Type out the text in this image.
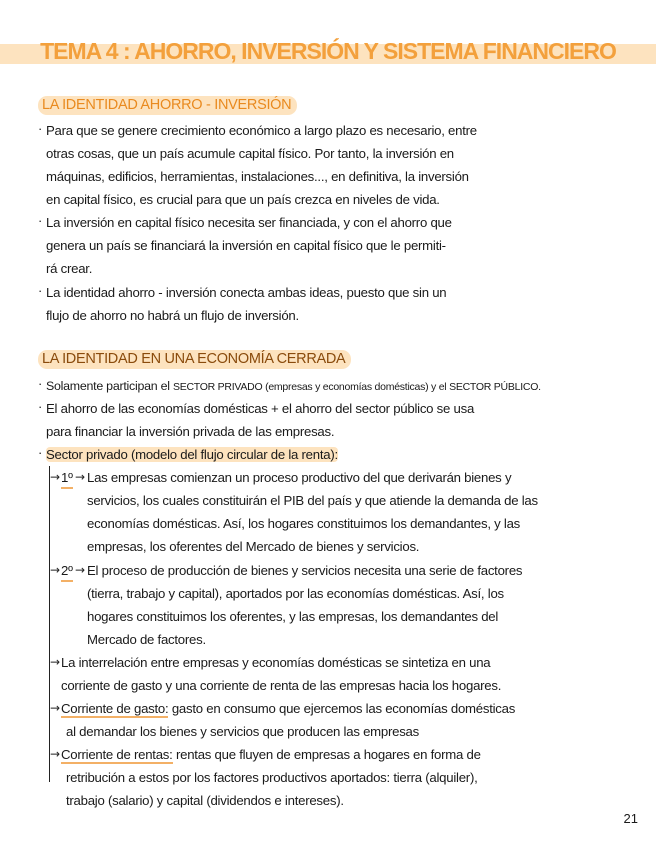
TEMA 4 : AHORRO, INVERSIÓN Y SISTEMA FINANCIERO
LA IDENTIDAD AHORRO - INVERSIÓN
· Para que se genere crecimiento económico a largo plazo es necesario, entre
otras cosas, que un país acumule capital físico. Por tanto, la inversión en
máquinas, edificios, herramientas, instalaciones..., en definitiva, la inversión
en capital físico, es crucial para que un país crezca en niveles de vida.
· La inversión en capital físico necesita ser financiada, y con el ahorro que
genera un país se financiará la inversión en capital físico que le permiti-
rá crear.
· La identidad ahorro - inversión conecta ambas ideas, puesto que sin un
flujo de ahorro no habrá un flujo de inversión.
LA IDENTIDAD EN UNA ECONOMÍA CERRADA
· Solamente participan el SECTOR PRIVADO (empresas y economías domésticas) y el SECTOR PÚBLICO.
· El ahorro de las economías domésticas + el ahorro del sector público se usa
para financiar la inversión privada de las empresas.
· Sector privado (modelo del flujo circular de la renta):
→ 1º → Las empresas comienzan un proceso productivo del que derivarán bienes y
servicios, los cuales constituirán el PIB del país y que atiende la demanda de las
economías domésticas. Así, los hogares constituimos los demandantes, y las
empresas, los oferentes del Mercado de bienes y servicios.
→ 2º → El proceso de producción de bienes y servicios necesita una serie de factores
(tierra, trabajo y capital), aportados por las economías domésticas. Así, los
hogares constituimos los oferentes, y las empresas, los demandantes del
Mercado de factores.
→ La interrelación entre empresas y economías domésticas se sintetiza en una
corriente de gasto y una corriente de renta de las empresas hacia los hogares.
→ Corriente de gasto: gasto en consumo que ejercemos las economías domésticas
al demandar los bienes y servicios que producen las empresas
→ Corriente de rentas: rentas que fluyen de empresas a hogares en forma de
retribución a estos por los factores productivos aportados: tierra (alquiler),
trabajo (salario) y capital (dividendos e intereses).
21
